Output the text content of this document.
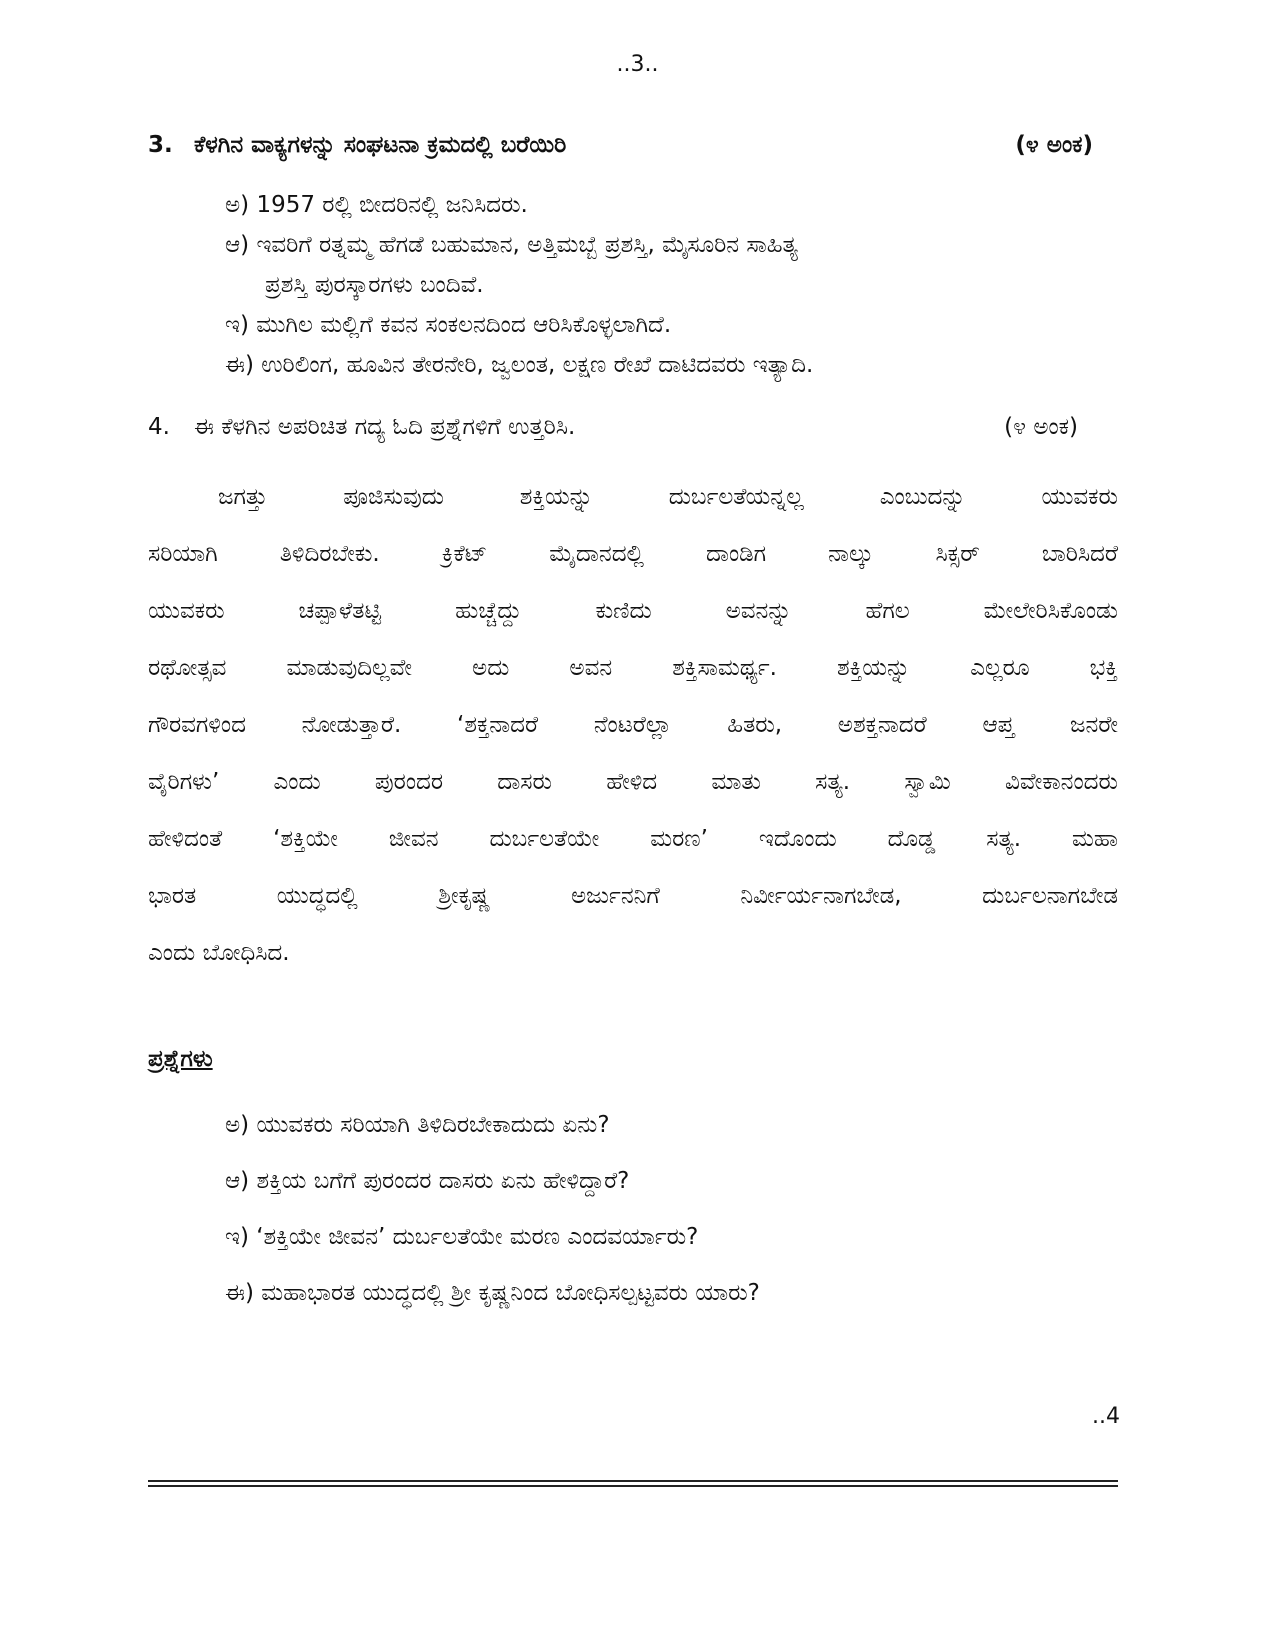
..3..
3. ಕೆಳಗಿನ ವಾಕ್ಯಗಳನ್ನು ಸಂಘಟನಾ ಕ್ರಮದಲ್ಲಿ ಬರೆಯಿರಿ	(೪ ಅಂಕ)
ಅ) 1957 ರಲ್ಲಿ ಬೀದರಿನಲ್ಲಿ ಜನಿಸಿದರು.
ಆ) ಇವರಿಗೆ ರತ್ನಮ್ಮ ಹೆಗಡೆ ಬಹುಮಾನ, ಅತ್ತಿಮಬ್ಬೆ ಪ್ರಶಸ್ತಿ, ಮೈಸೂರಿನ ಸಾಹಿತ್ಯ
ಪ್ರಶಸ್ತಿ ಪುರಸ್ಕಾರಗಳು ಬಂದಿವೆ.
ಇ) ಮುಗಿಲ ಮಲ್ಲಿಗೆ ಕವನ ಸಂಕಲನದಿಂದ ಆರಿಸಿಕೊಳ್ಳಲಾಗಿದೆ.
ಈ) ಉರಿಲಿಂಗ, ಹೂವಿನ ತೇರನೇರಿ, ಜ್ವಲಂತ, ಲಕ್ಷಣ ರೇಖೆ ದಾಟಿದವರು ಇತ್ಯಾದಿ.
4. ಈ ಕೆಳಗಿನ ಅಪರಿಚಿತ ಗದ್ಯ ಓದಿ ಪ್ರಶ್ನೆಗಳಿಗೆ ಉತ್ತರಿಸಿ.	(೪ ಅಂಕ)
ಜಗತ್ತು ಪೂಜಿಸುವುದು ಶಕ್ತಿಯನ್ನು ದುರ್ಬಲತೆಯನ್ನಲ್ಲ ಎಂಬುದನ್ನು ಯುವಕರು
ಸರಿಯಾಗಿ ತಿಳಿದಿರಬೇಕು. ಕ್ರಿಕೆಟ್ ಮೈದಾನದಲ್ಲಿ ದಾಂಡಿಗ ನಾಲ್ಕು ಸಿಕ್ಸರ್ ಬಾರಿಸಿದರೆ
ಯುವಕರು ಚಪ್ಪಾಳೆತಟ್ಟಿ ಹುಚ್ಚೆದ್ದು ಕುಣಿದು ಅವನನ್ನು ಹೆಗಲ ಮೇಲೇರಿಸಿಕೊಂಡು
ರಥೋತ್ಸವ ಮಾಡುವುದಿಲ್ಲವೇ ಅದು ಅವನ ಶಕ್ತಿಸಾಮರ್ಥ್ಯ. ಶಕ್ತಿಯನ್ನು ಎಲ್ಲರೂ ಭಕ್ತಿ
ಗೌರವಗಳಿಂದ ನೋಡುತ್ತಾರೆ. ‘ಶಕ್ತನಾದರೆ ನೆಂಟರೆಲ್ಲಾ ಹಿತರು, ಅಶಕ್ತನಾದರೆ ಆಪ್ತ ಜನರೇ
ವೈರಿಗಳು’ ಎಂದು ಪುರಂದರ ದಾಸರು ಹೇಳಿದ ಮಾತು ಸತ್ಯ. ಸ್ವಾಮಿ ವಿವೇಕಾನಂದರು
ಹೇಳಿದಂತೆ ‘ಶಕ್ತಿಯೇ ಜೀವನ ದುರ್ಬಲತೆಯೇ ಮರಣ’ ಇದೊಂದು ದೊಡ್ಡ ಸತ್ಯ. ಮಹಾ
ಭಾರತ ಯುದ್ಧದಲ್ಲಿ ಶ್ರೀಕೃಷ್ಣ ಅರ್ಜುನನಿಗೆ ನಿರ್ವೀರ್ಯನಾಗಬೇಡ, ದುರ್ಬಲನಾಗಬೇಡ
ಎಂದು ಬೋಧಿಸಿದ.
ಪ್ರಶ್ನೆಗಳು
ಅ) ಯುವಕರು ಸರಿಯಾಗಿ ತಿಳಿದಿರಬೇಕಾದುದು ಏನು?
ಆ) ಶಕ್ತಿಯ ಬಗೆಗೆ ಪುರಂದರ ದಾಸರು ಏನು ಹೇಳಿದ್ದಾರೆ?
ಇ) ‘ಶಕ್ತಿಯೇ ಜೀವನ’ ದುರ್ಬಲತೆಯೇ ಮರಣ ಎಂದವರ್ಯಾರು?
ಈ) ಮಹಾಭಾರತ ಯುದ್ಧದಲ್ಲಿ ಶ್ರೀ ಕೃಷ್ಣನಿಂದ ಬೋಧಿಸಲ್ಪಟ್ಟವರು ಯಾರು?
..4
